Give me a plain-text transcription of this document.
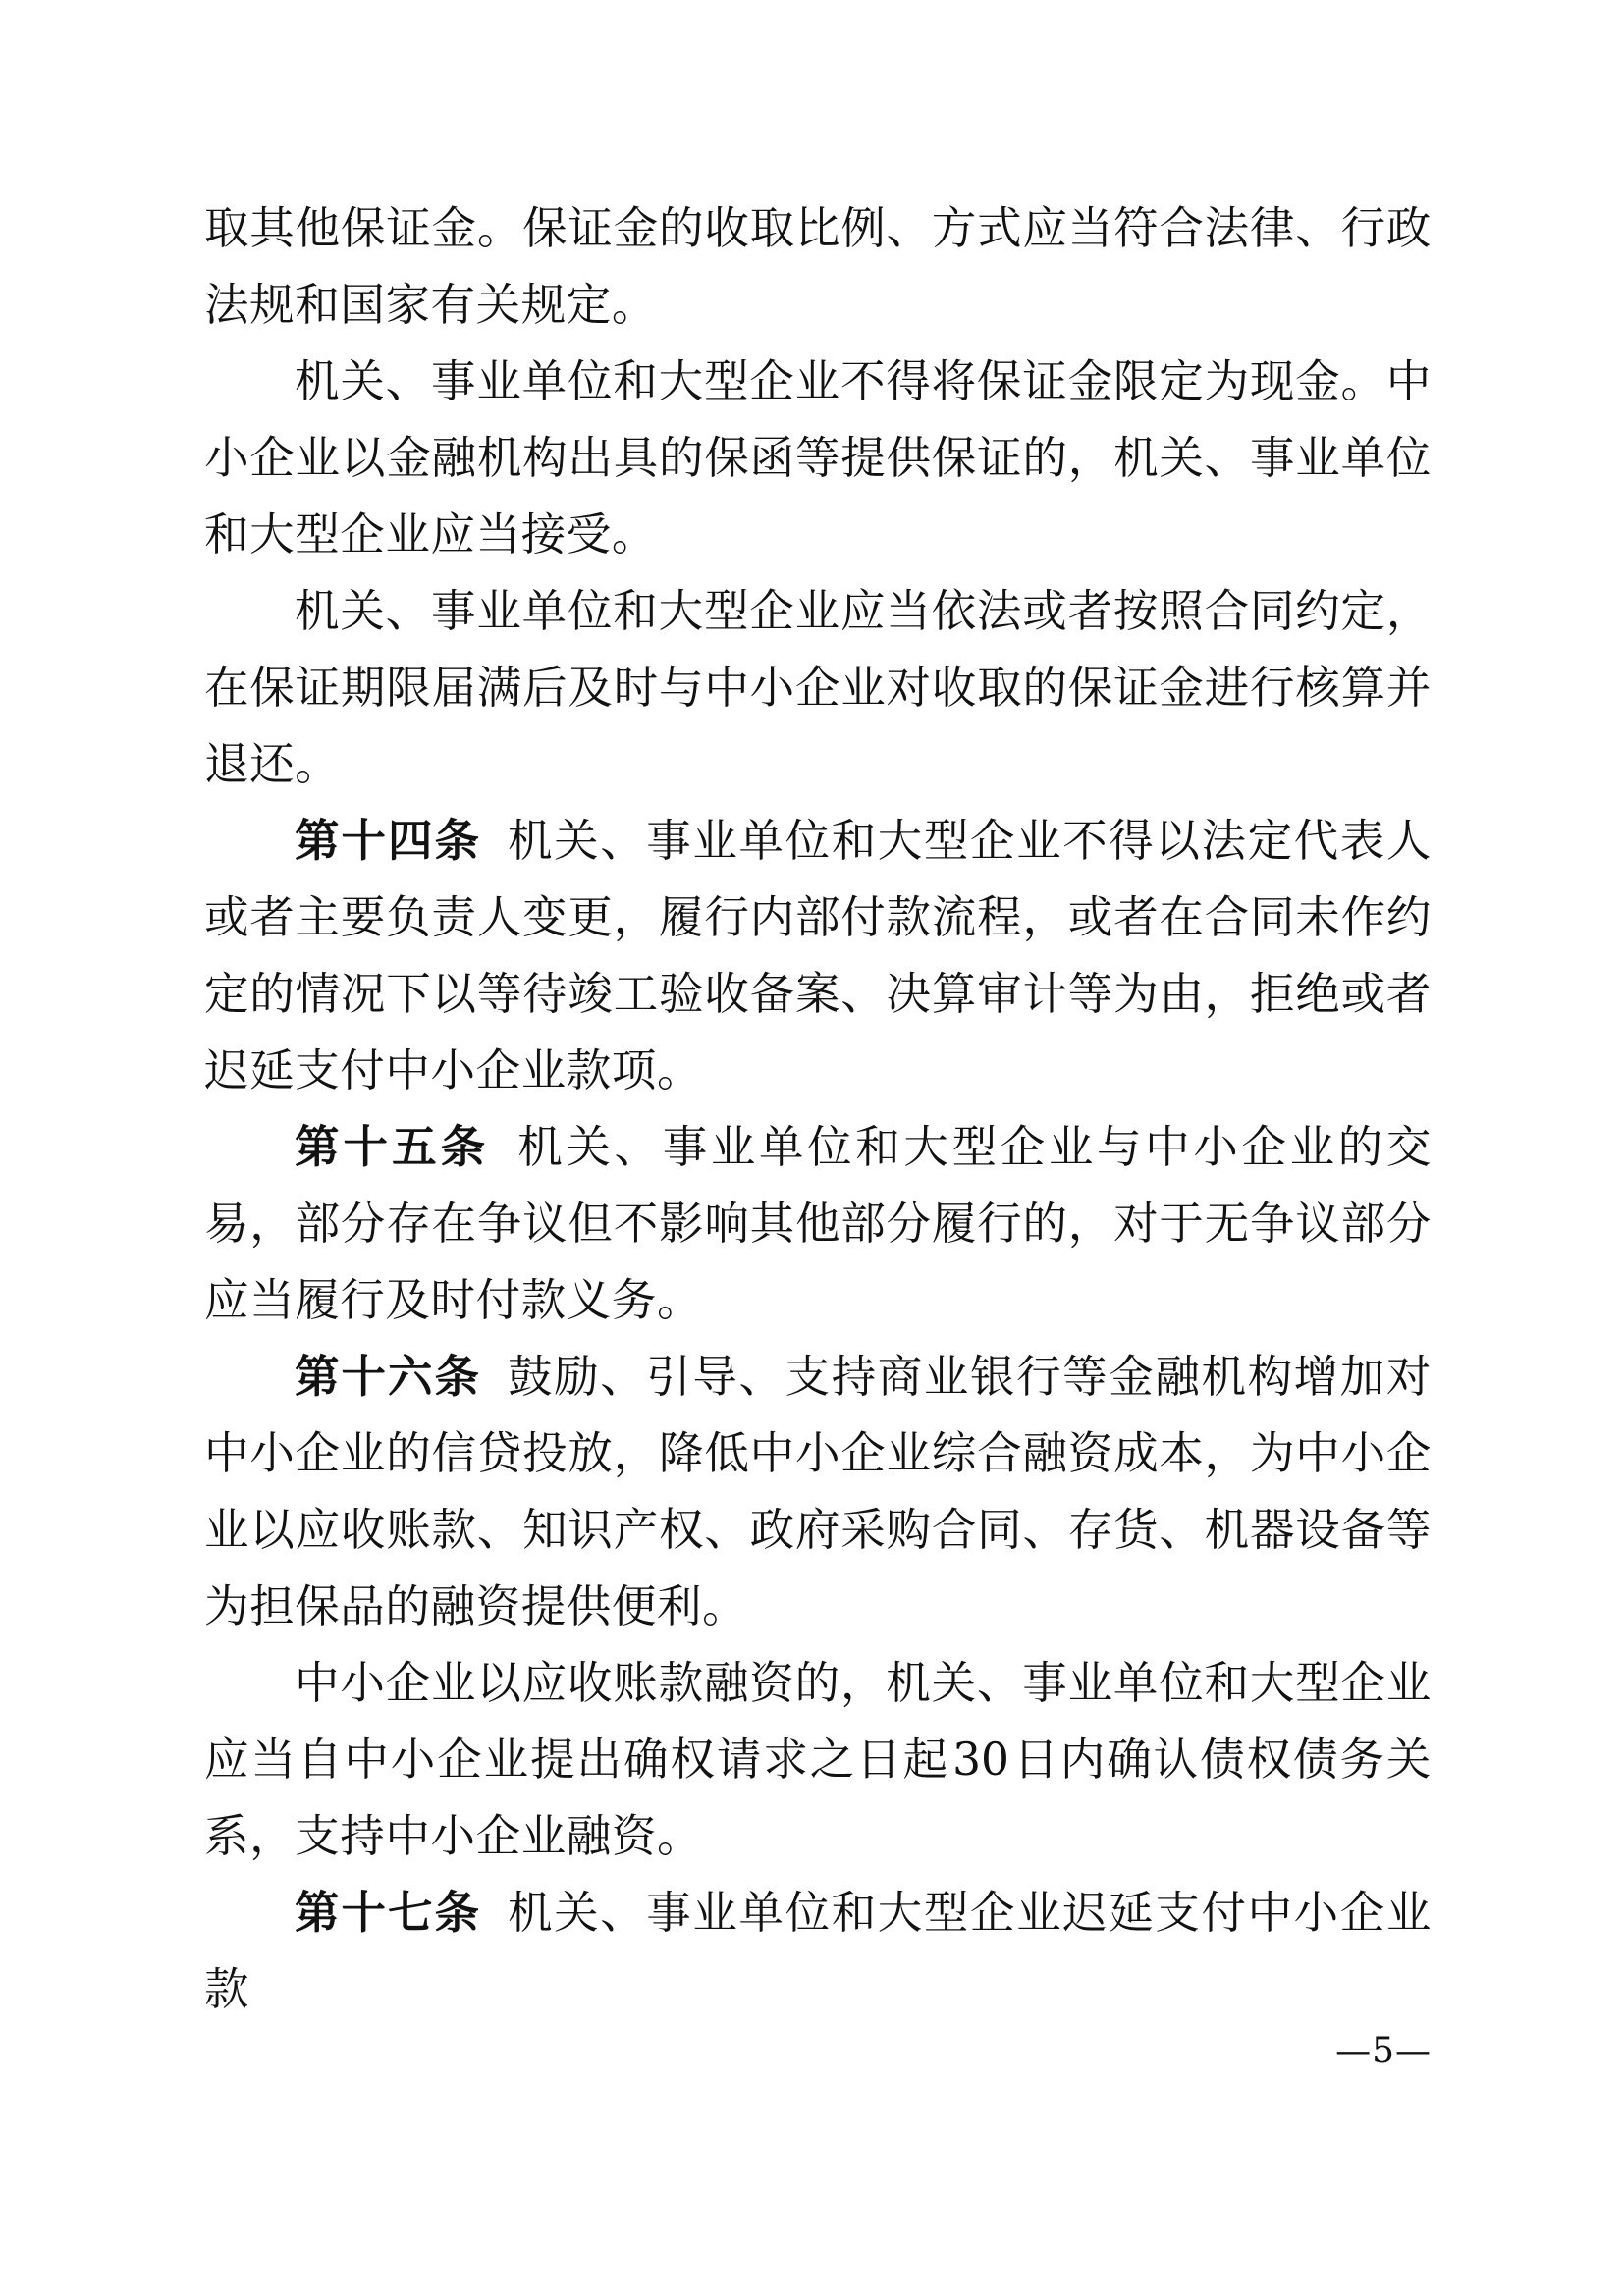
取其他保证金。保证金的收取比例、方式应当符合法律、行政法规和国家有关规定。

机关、事业单位和大型企业不得将保证金限定为现金。中小企业以金融机构出具的保函等提供保证的，机关、事业单位和大型企业应当接受。

机关、事业单位和大型企业应当依法或者按照合同约定，在保证期限届满后及时与中小企业对收取的保证金进行核算并退还。

第十四条 机关、事业单位和大型企业不得以法定代表人或者主要负责人变更，履行内部付款流程，或者在合同未作约定的情况下以等待竣工验收备案、决算审计等为由，拒绝或者迟延支付中小企业款项。

第十五条 机关、事业单位和大型企业与中小企业的交易，部分存在争议但不影响其他部分履行的，对于无争议部分应当履行及时付款义务。

第十六条 鼓励、引导、支持商业银行等金融机构增加对中小企业的信贷投放，降低中小企业综合融资成本，为中小企业以应收账款、知识产权、政府采购合同、存货、机器设备等为担保品的融资提供便利。

中小企业以应收账款融资的，机关、事业单位和大型企业应当自中小企业提出确权请求之日起30日内确认债权债务关系，支持中小企业融资。

第十七条 机关、事业单位和大型企业迟延支付中小企业款

—5—
